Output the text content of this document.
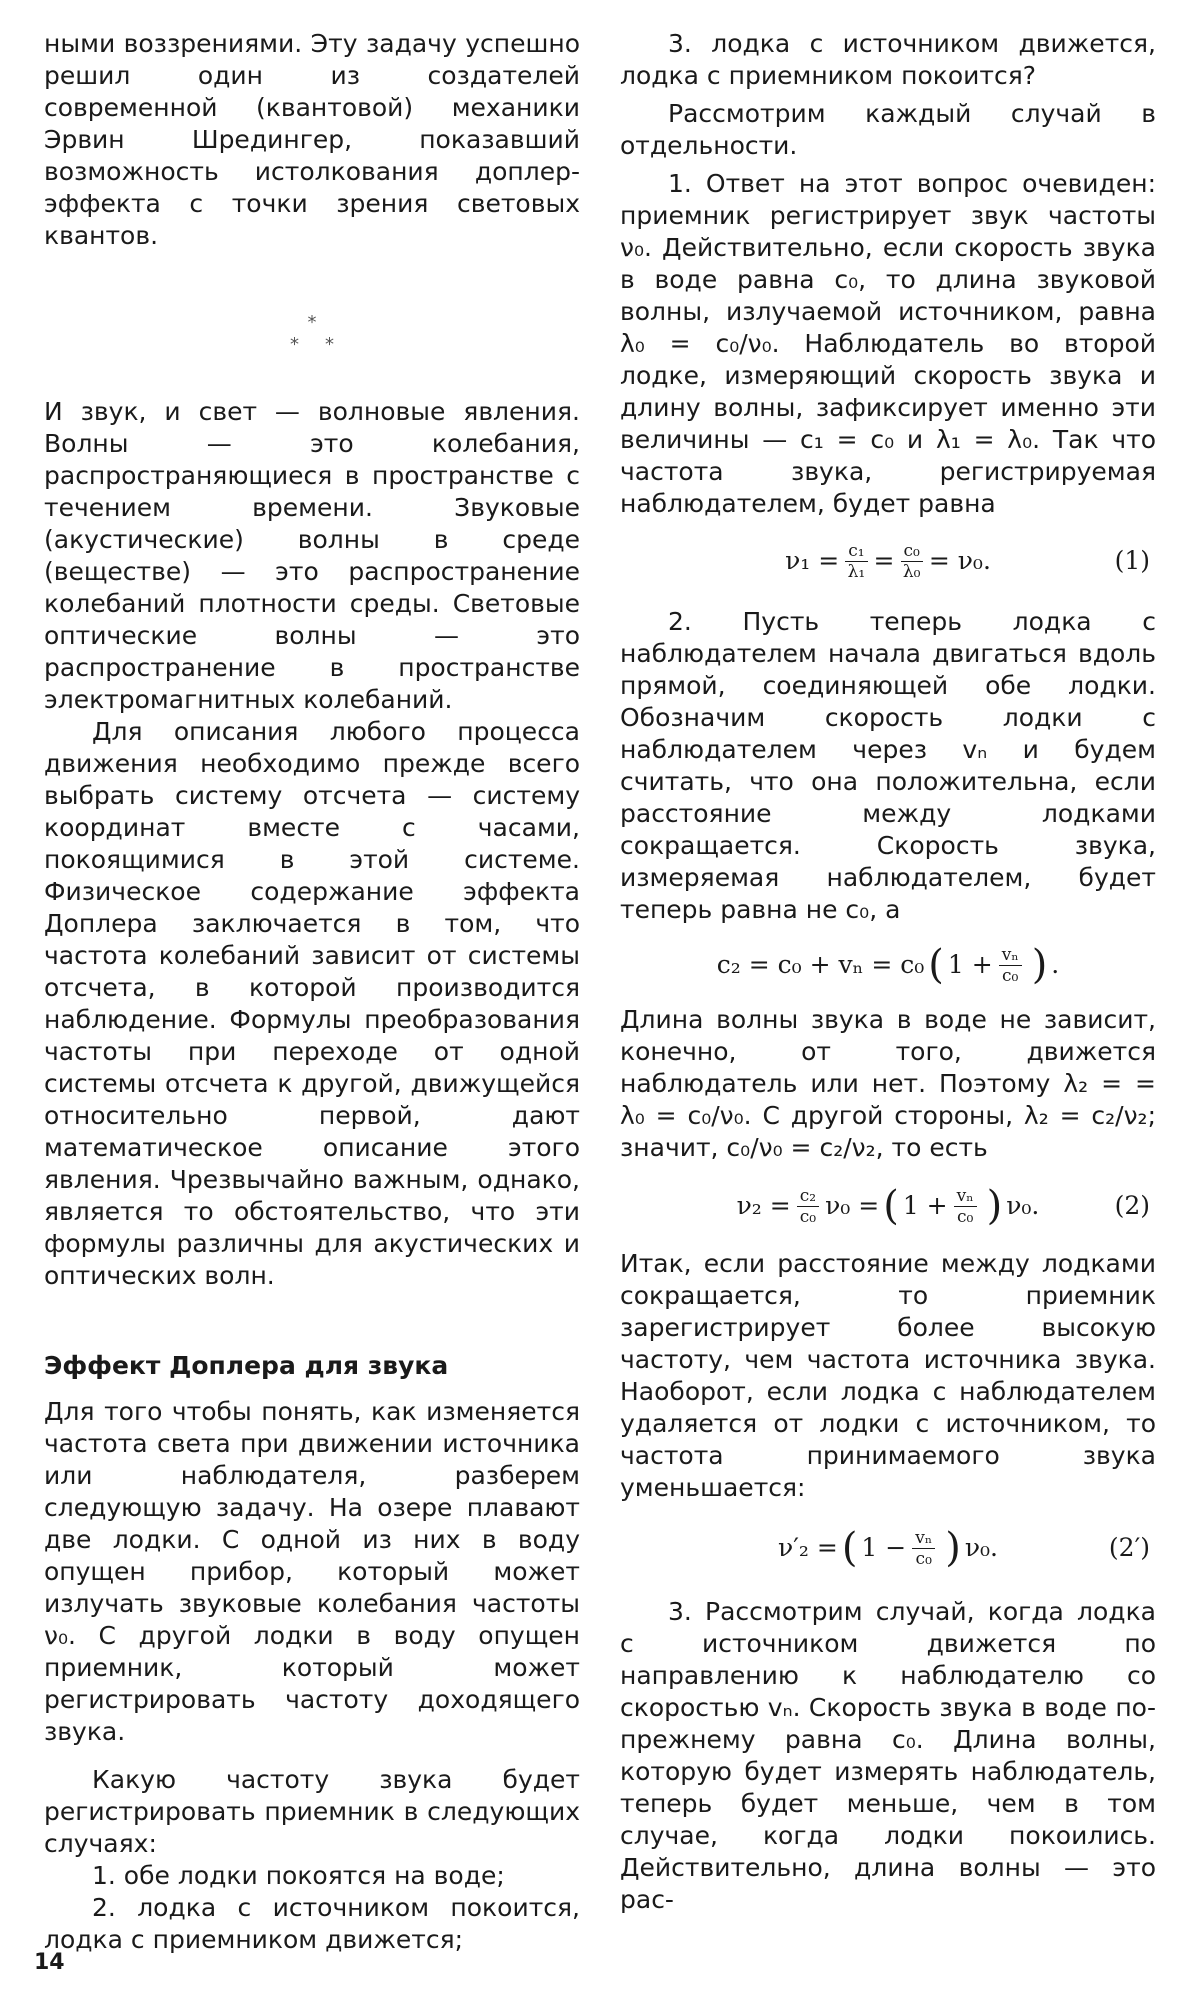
ными воззрениями. Эту задачу успешно решил один из создателей современной (квантовой) механики Эрвин Шредингер, показавший возможность истолкования доплер-эффекта с точки зрения световых квантов.

*
**

И звук, и свет — волновые явления. Волны — это колебания, распространяющиеся в пространстве с течением времени. Звуковые (акустические) волны в среде (веществе) — это распространение колебаний плотности среды. Световые оптические волны — это распространение в пространстве электромагнитных колебаний.

Для описания любого процесса движения необходимо прежде всего выбрать систему отсчета — систему координат вместе с часами, покоящимися в этой системе. Физическое содержание эффекта Доплера заключается в том, что частота колебаний зависит от системы отсчета, в которой производится наблюдение. Формулы преобразования частоты при переходе от одной системы отсчета к другой, движущейся относительно первой, дают математическое описание этого явления. Чрезвычайно важным, однако, является то обстоятельство, что эти формулы различны для акустических и оптических волн.

Эффект Доплера для звука

Для того чтобы понять, как изменяется частота света при движении источника или наблюдателя, разберем следующую задачу. На озере плавают две лодки. С одной из них в воду опущен прибор, который может излучать звуковые колебания частоты ν₀. С другой лодки в воду опущен приемник, который может регистрировать частоту доходящего звука.

Какую частоту звука будет регистрировать приемник в следующих случаях:

1. обе лодки покоятся на воде;

2. лодка с источником покоится, лодка с приемником движется;

3. лодка с источником движется, лодка с приемником покоится?

Рассмотрим каждый случай в отдельности.

1. Ответ на этот вопрос очевиден: приемник регистрирует звук частоты ν₀. Действительно, если скорость звука в воде равна c₀, то длина звуковой волны, излучаемой источником, равна λ₀ = c₀/ν₀. Наблюдатель во второй лодке, измеряющий скорость звука и длину волны, зафиксирует именно эти величины — c₁ = c₀ и λ₁ = λ₀. Так что частота звука, регистрируемая наблюдателем, будет равна

$\nu_1 = \frac{\text{c₁}}{\text{λ₁}} = \frac{\text{c₀}}{\text{λ₀}} = \nu_0$.	(1)

2. Пусть теперь лодка с наблюдателем начала двигаться вдоль прямой, соединяющей обе лодки. Обозначим скорость лодки с наблюдателем через vₙ и будем считать, что она положительна, если расстояние между лодками сокращается. Скорость звука, измеряемая наблюдателем, будет теперь равна не c₀, а

c₂ = c₀ + vₙ = c₀ ( $1 + \frac{\text{vₙ}}{\text{c₀}}$ ) .

Длина волны звука в воде не зависит, конечно, от того, движется наблюдатель или нет. Поэтому λ₂ = = λ₀ = c₀/ν₀. С другой стороны, λ₂ = c₂/ν₂; значит, c₀/ν₀ = c₂/ν₂, то есть

$\nu_2 = \frac{\text{c₂}}{\text{c₀}} \nu_0$ = ( $1 + \frac{\text{vₙ}}{\text{c₀}}$ ) ν₀.	(2)

Итак, если расстояние между лодками сокращается, то приемник зарегистрирует более высокую частоту, чем частота источника звука. Наоборот, если лодка с наблюдателем удаляется от лодки с источником, то частота принимаемого звука уменьшается:

ν′₂ = ( $1 - \frac{\text{vₙ}}{\text{c₀}}$ ) ν₀.	(2′)

3. Рассмотрим случай, когда лодка с источником движется по направлению к наблюдателю со скоростью vₙ. Скорость звука в воде по-прежнему равна c₀. Длина волны, которую будет измерять наблюдатель, теперь будет меньше, чем в том случае, когда лодки покоились. Действительно, длина волны — это рас-

14
